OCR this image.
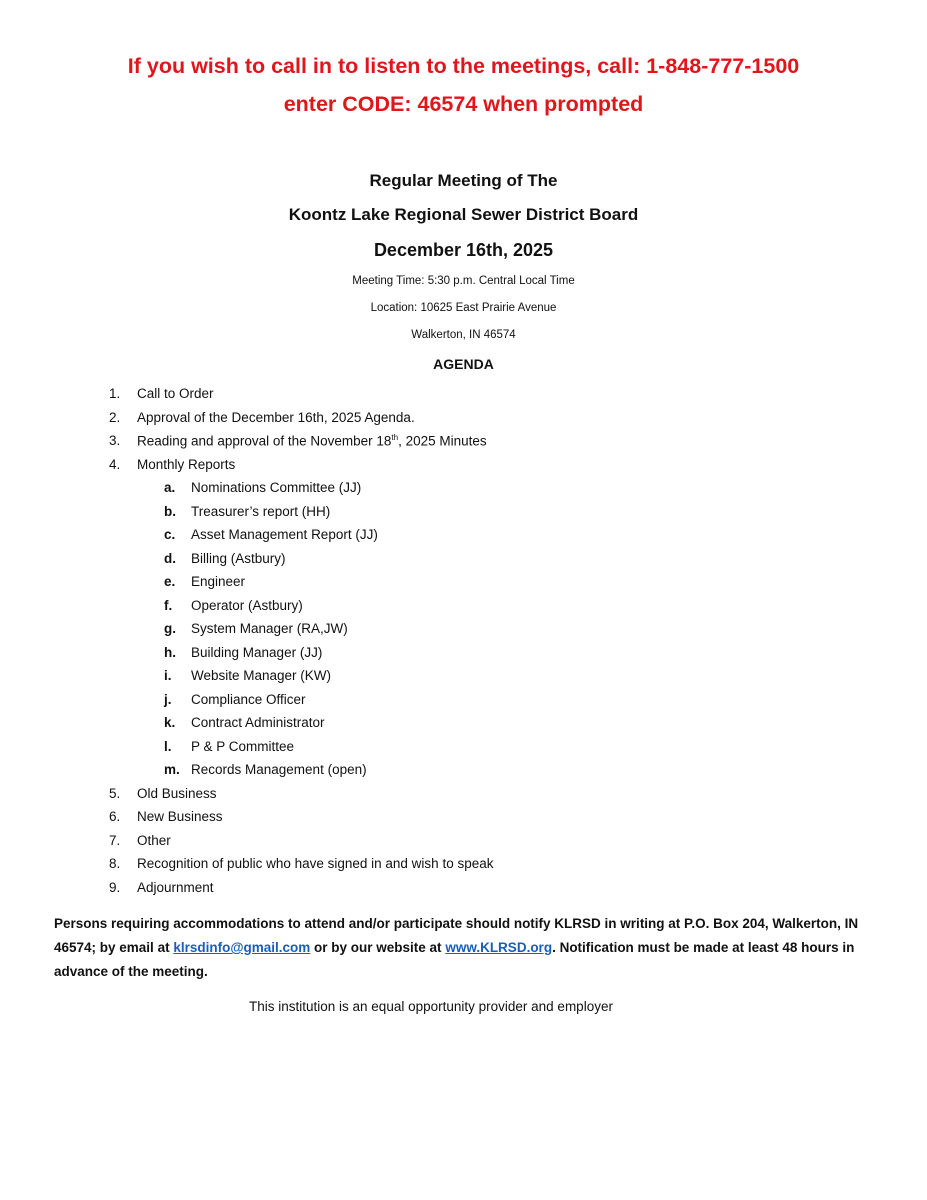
If you wish to call in to listen to the meetings, call: 1-848-777-1500
enter CODE: 46574 when prompted
Regular Meeting of The
Koontz Lake Regional Sewer District Board
December 16th, 2025
Meeting Time: 5:30 p.m. Central Local Time
Location: 10625 East Prairie Avenue
Walkerton, IN 46574
AGENDA
1.	Call to Order
2.	Approval of the December 16th, 2025 Agenda.
3.	Reading and approval of the November 18th, 2025 Minutes
4.	Monthly Reports
a.	Nominations Committee (JJ)
b.	Treasurer’s report (HH)
c.	Asset Management Report (JJ)
d.	Billing (Astbury)
e.	Engineer
f.	Operator (Astbury)
g.	System Manager (RA,JW)
h.	Building Manager (JJ)
i.	Website Manager (KW)
j.	Compliance Officer
k.	Contract Administrator
l.	P & P Committee
m. Records Management (open)
5.	Old Business
6.	New Business
7.	Other
8.	Recognition of public who have signed in and wish to speak
9.	Adjournment
Persons requiring accommodations to attend and/or participate should notify KLRSD in writing at P.O. Box 204, Walkerton, IN 46574; by email at klrsdinfo@gmail.com or by our website at www.KLRSD.org. Notification must be made at least 48 hours in advance of the meeting.
This institution is an equal opportunity provider and employer
